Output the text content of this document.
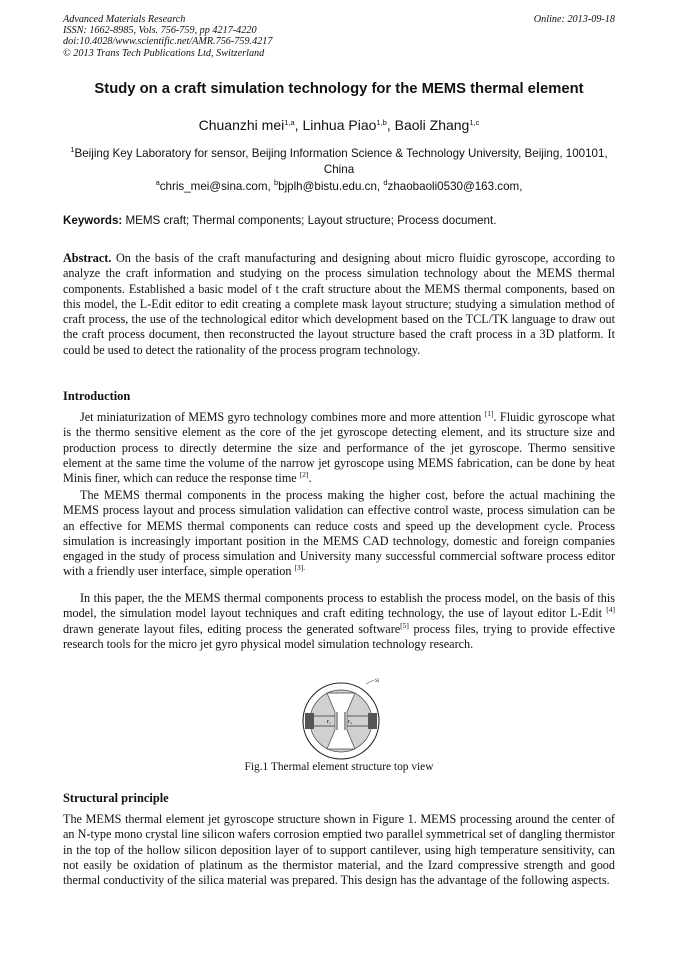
Advanced Materials Research
ISSN: 1662-8985, Vols. 756-759, pp 4217-4220
doi:10.4028/www.scientific.net/AMR.756-759.4217
© 2013 Trans Tech Publications Ltd, Switzerland
Online: 2013-09-18
Study on a craft simulation technology for the MEMS thermal element
Chuanzhi mei$^{1,a}$, Linhua Piao$^{1,b}$, Baoli Zhang$^{1,c}$
$^1$Beijing Key Laboratory for sensor, Beijing Information Science & Technology University, Beijing, 100101, China
$^a$chris_mei@sina.com, $^b$bjplh@bistu.edu.cn, $^d$zhaobaoli0530@163.com,
Keywords: MEMS craft; Thermal components; Layout structure; Process document.
Abstract. On the basis of the craft manufacturing and designing about micro fluidic gyroscope, according to analyze the craft information and studying on the process simulation technology about the MEMS thermal components. Established a basic model of t the craft structure about the MEMS thermal components, based on this model, the L-Edit editor to edit creating a complete mask layout structure; studying a simulation method of craft process, the use of the technological editor which development based on the TCL/TK language to draw out the craft process document, then reconstructed the layout structure based the craft process in a 3D platform. It could be used to detect the rationality of the process program technology.
Introduction
Jet miniaturization of MEMS gyro technology combines more and more attention [1]. Fluidic gyroscope what is the thermo sensitive element as the core of the jet gyroscope detecting element, and its structure size and production process to directly determine the size and performance of the jet gyroscope. Thermo sensitive element at the same time the volume of the narrow jet gyroscope using MEMS fabrication, can be done by heat Minis finer, which can reduce the response time [2].
The MEMS thermal components in the process making the higher cost, before the actual machining the MEMS process layout and process simulation validation can effective control waste, process simulation can be an effective for MEMS thermal components can reduce costs and speed up the development cycle. Process simulation is increasingly important position in the MEMS CAD technology, domestic and foreign companies engaged in the study of process simulation and University many successful commercial software process editor with a friendly user interface, simple operation $^{[3].}$
In this paper, the the MEMS thermal components process to establish the process model, on the basis of this model, the simulation model layout techniques and craft editing technology, the use of layout editor L-Edit [4] drawn generate layout files, editing process the generated software[5] process files, trying to provide effective research tools for the micro jet gyro physical model simulation technology research.
r₁	r₂
Si
Fig.1 Thermal element structure top view
Structural principle
The MEMS thermal element jet gyroscope structure shown in Figure 1. MEMS processing around the center of an N-type mono crystal line silicon wafers corrosion emptied two parallel symmetrical set of dangling thermistor in the top of the hollow silicon deposition layer of to support cantilever, using high temperature sensitivity, can not easily be oxidation of platinum as the thermistor material, and the Izard compressive strength and good thermal conductivity of the silica material was prepared. This design has the advantage of the following aspects.
